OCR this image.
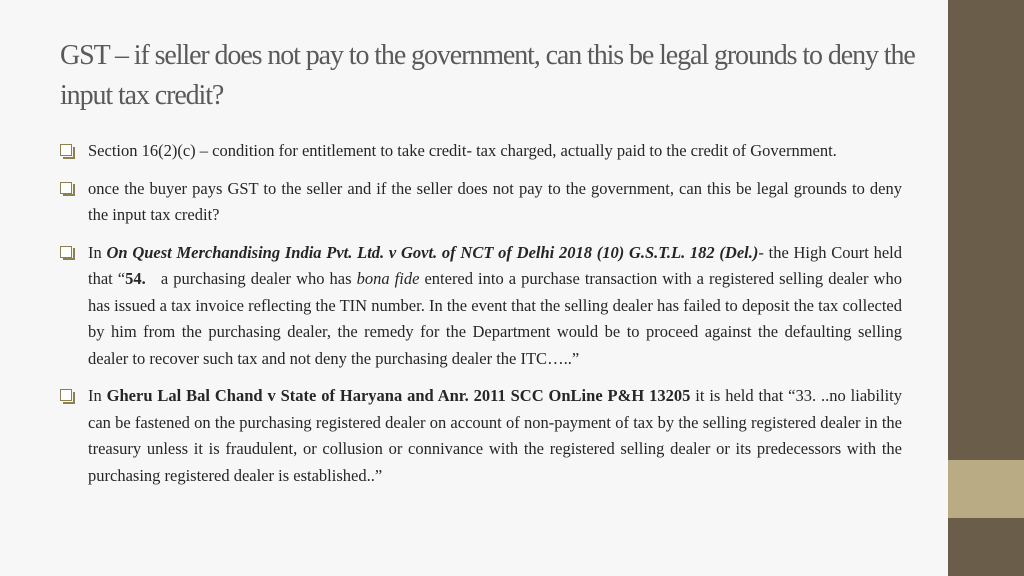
GST – if seller does not pay to the government, can this be legal grounds to deny the input tax credit?
Section 16(2)(c) – condition for entitlement to take credit- tax charged, actually paid to the credit of Government.
once the buyer pays GST to the seller and if the seller does not pay to the government, can this be legal grounds to deny the input tax credit?
In On Quest Merchandising India Pvt. Ltd. v Govt. of NCT of Delhi 2018 (10) G.S.T.L. 182 (Del.)- the High Court held that “54.   a purchasing dealer who has bona fide entered into a purchase transaction with a registered selling dealer who has issued a tax invoice reflecting the TIN number. In the event that the selling dealer has failed to deposit the tax collected by him from the purchasing dealer, the remedy for the Department would be to proceed against the defaulting selling dealer to recover such tax and not deny the purchasing dealer the ITC…..”
In Gheru Lal Bal Chand v State of Haryana and Anr. 2011 SCC OnLine P&H 13205 it is held that “33. ..no liability can be fastened on the purchasing registered dealer on account of non-payment of tax by the selling registered dealer in the treasury unless it is fraudulent, or collusion or connivance with the registered selling dealer or its predecessors with the purchasing registered dealer is established..”
